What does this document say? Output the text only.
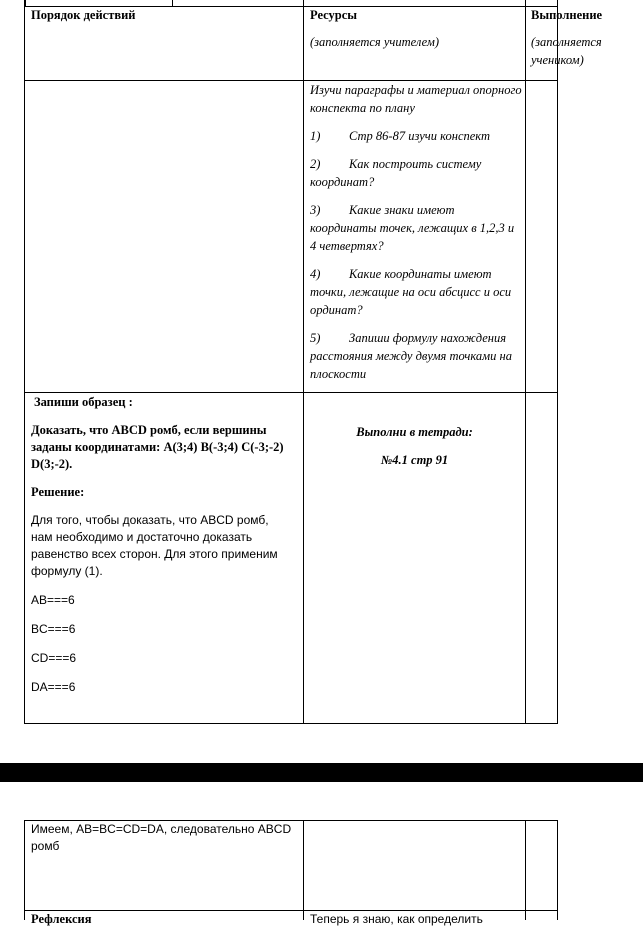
Порядок действий	Ресурсы
(заполняется учителем)
Выполнение
(заполняется учеником)

Изучи параграфы и материал опорного конспекта по плану

1) Стр 86-87 изучи конспект

2) Как построить систему координат?

3) Какие знаки имеют координаты точек, лежащих в 1,2,3 и 4 четвертях?

4) Какие координаты имеют точки, лежащие на оси абсцисс и оси ординат?

5) Запиши формулу нахождения расстояния между двумя точками на плоскости

Запиши образец :
Доказать, что ABCD ромб, если вершины заданы координатами: A(3;4) B(-3;4) C(-3;-2) D(3;-2).
Решение:
Для того, чтобы доказать, что ABCD ромб, нам необходимо и достаточно доказать равенство всех сторон. Для этого применим формулу (1).
AB===6
BC===6
CD===6
DA===6
Выполни в тетради:
№4.1 стр 91
Имеем, AB=BC=CD=DA, следовательно ABCD ромб
Рефлексия	Теперь я знаю, как определить
